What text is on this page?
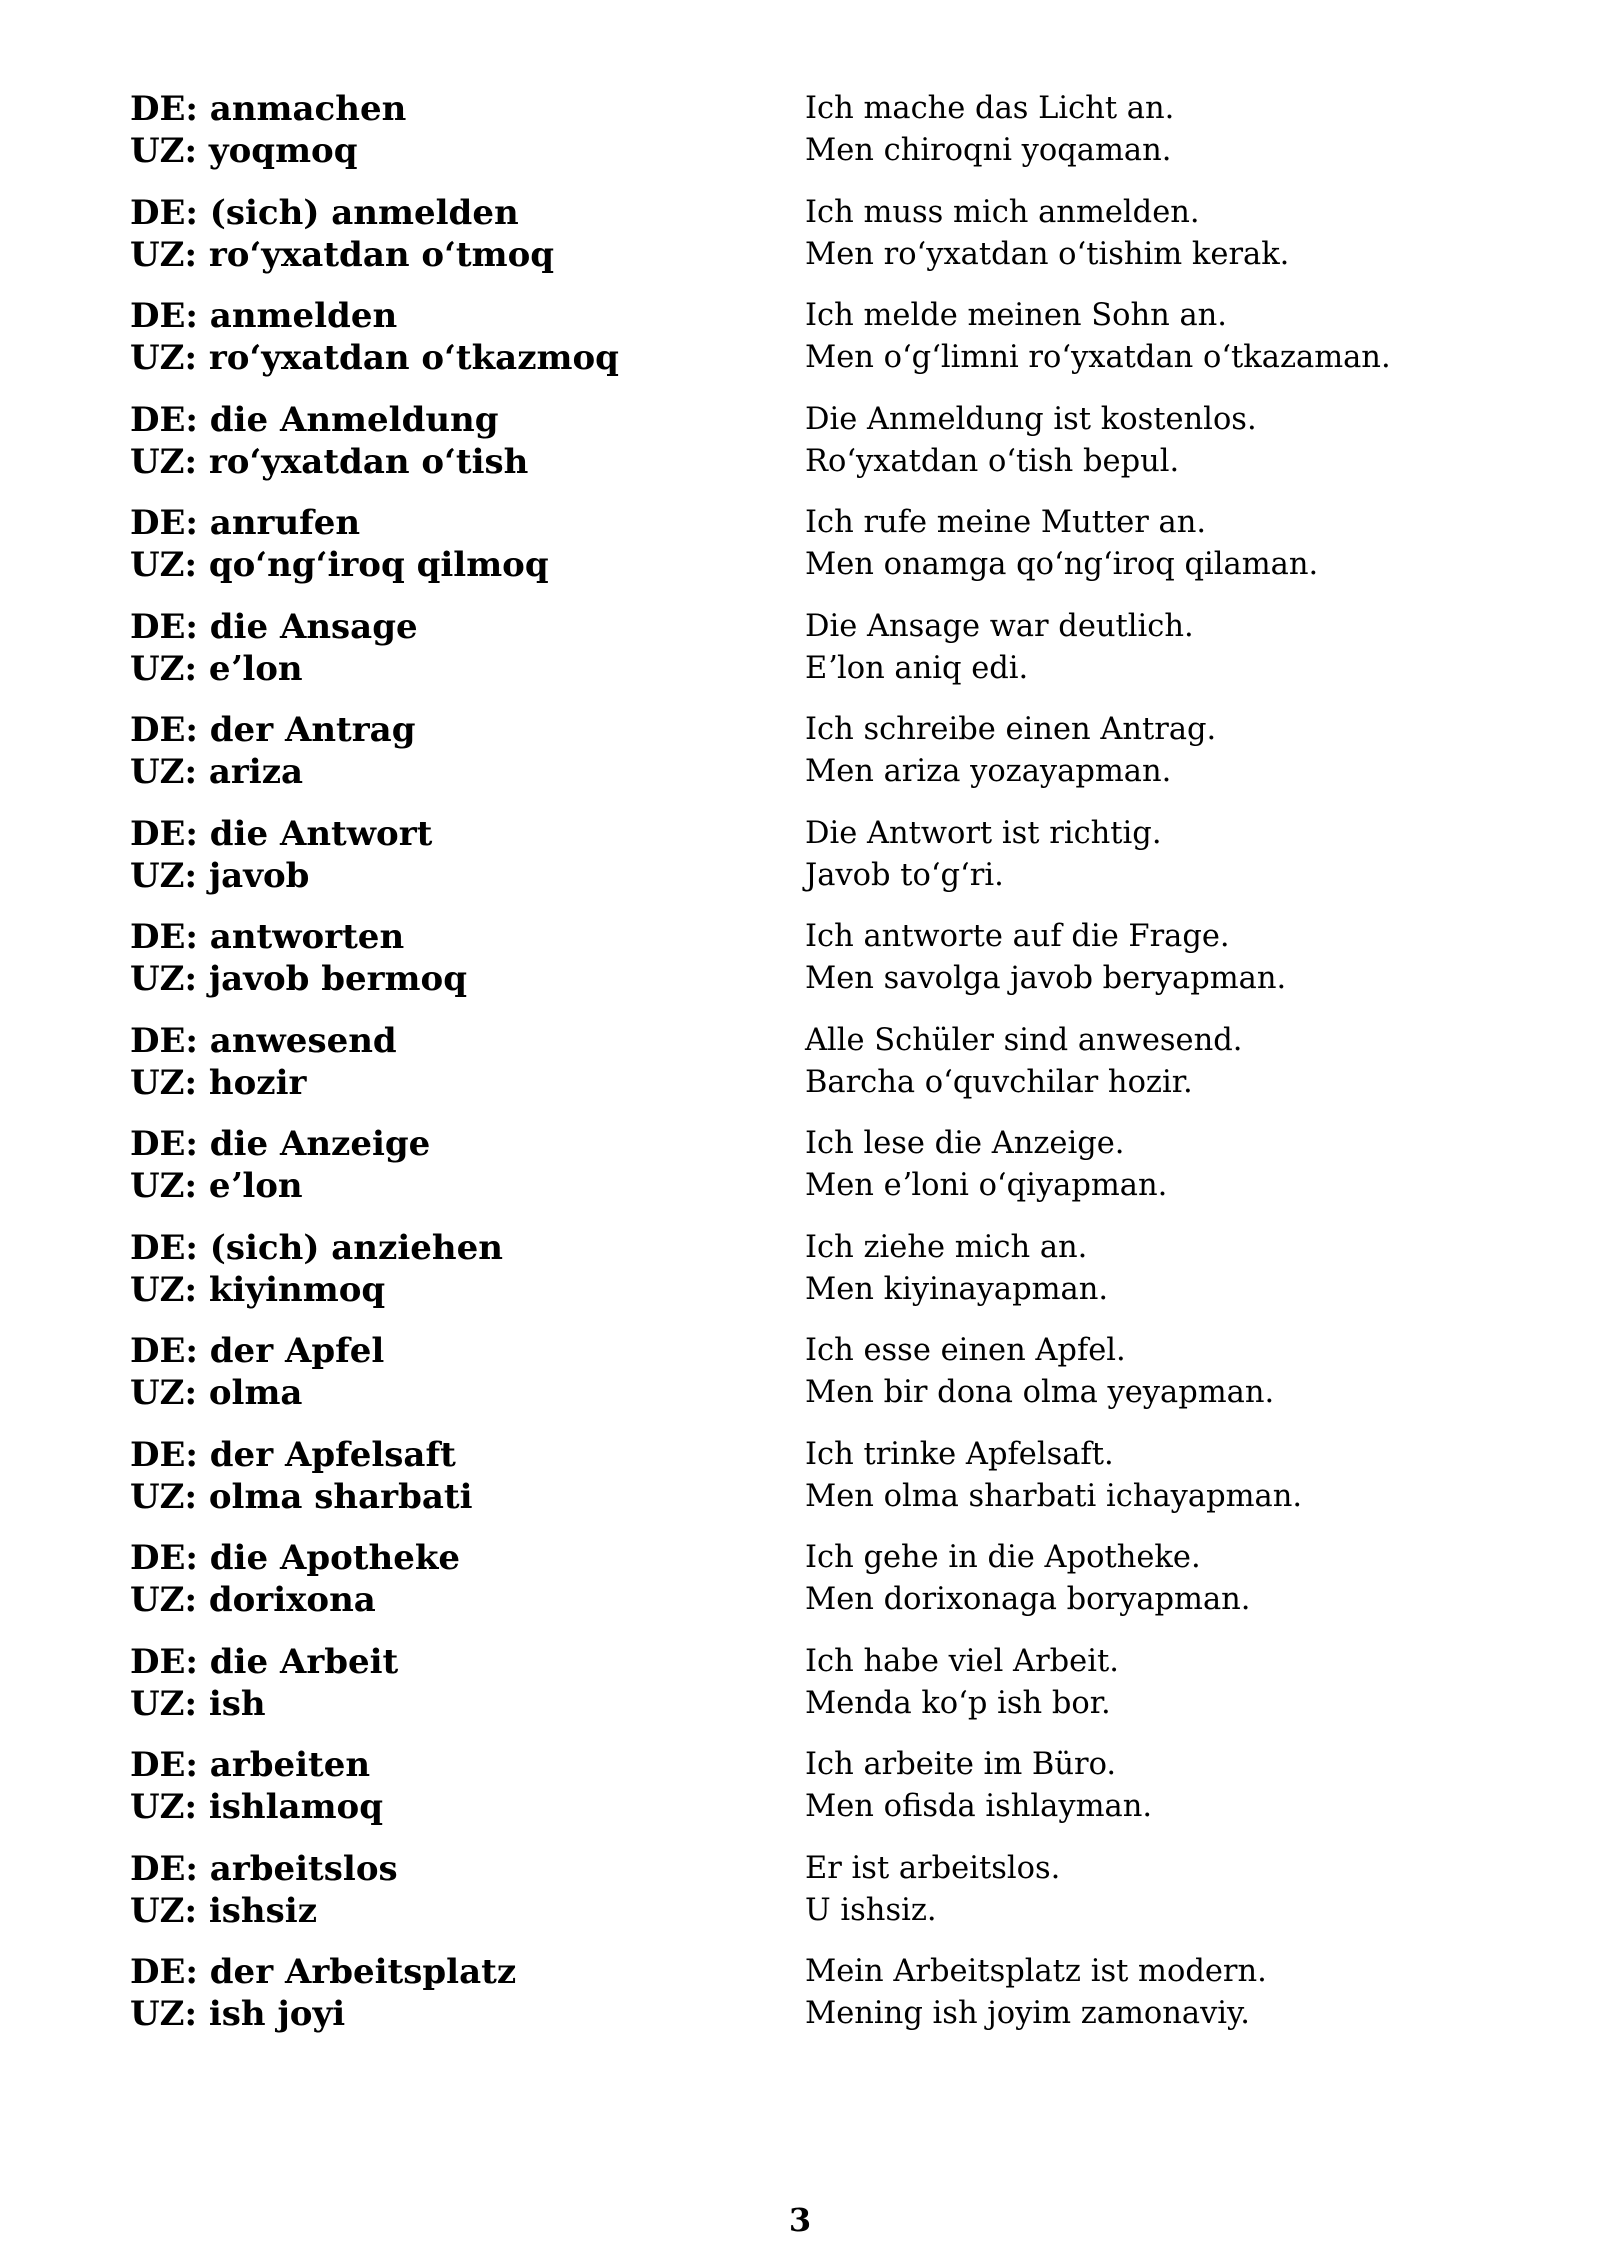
DE: anmachen
UZ: yoqmoq
Ich mache das Licht an.
Men chiroqni yoqaman.
DE: (sich) anmelden
UZ: roʻyxatdan oʻtmoq
Ich muss mich anmelden.
Men roʻyxatdan oʻtishim kerak.
DE: anmelden
UZ: roʻyxatdan oʻtkazmoq
Ich melde meinen Sohn an.
Men oʻgʻlimni roʻyxatdan oʻtkazaman.
DE: die Anmeldung
UZ: roʻyxatdan oʻtish
Die Anmeldung ist kostenlos.
Roʻyxatdan oʻtish bepul.
DE: anrufen
UZ: qoʻngʻiroq qilmoq
Ich rufe meine Mutter an.
Men onamga qoʻngʻiroq qilaman.
DE: die Ansage
UZ: eʼlon
Die Ansage war deutlich.
Eʼlon aniq edi.
DE: der Antrag
UZ: ariza
Ich schreibe einen Antrag.
Men ariza yozayapman.
DE: die Antwort
UZ: javob
Die Antwort ist richtig.
Javob toʻgʻri.
DE: antworten
UZ: javob bermoq
Ich antworte auf die Frage.
Men savolga javob beryapman.
DE: anwesend
UZ: hozir
Alle Schüler sind anwesend.
Barcha oʻquvchilar hozir.
DE: die Anzeige
UZ: eʼlon
Ich lese die Anzeige.
Men eʼloni oʻqiyapman.
DE: (sich) anziehen
UZ: kiyinmoq
Ich ziehe mich an.
Men kiyinayapman.
DE: der Apfel
UZ: olma
Ich esse einen Apfel.
Men bir dona olma yeyapman.
DE: der Apfelsaft
UZ: olma sharbati
Ich trinke Apfelsaft.
Men olma sharbati ichayapman.
DE: die Apotheke
UZ: dorixona
Ich gehe in die Apotheke.
Men dorixonaga boryapman.
DE: die Arbeit
UZ: ish
Ich habe viel Arbeit.
Menda koʻp ish bor.
DE: arbeiten
UZ: ishlamoq
Ich arbeite im Büro.
Men ofisda ishlayman.
DE: arbeitslos
UZ: ishsiz
Er ist arbeitslos.
U ishsiz.
DE: der Arbeitsplatz
UZ: ish joyi
Mein Arbeitsplatz ist modern.
Mening ish joyim zamonaviy.
3
